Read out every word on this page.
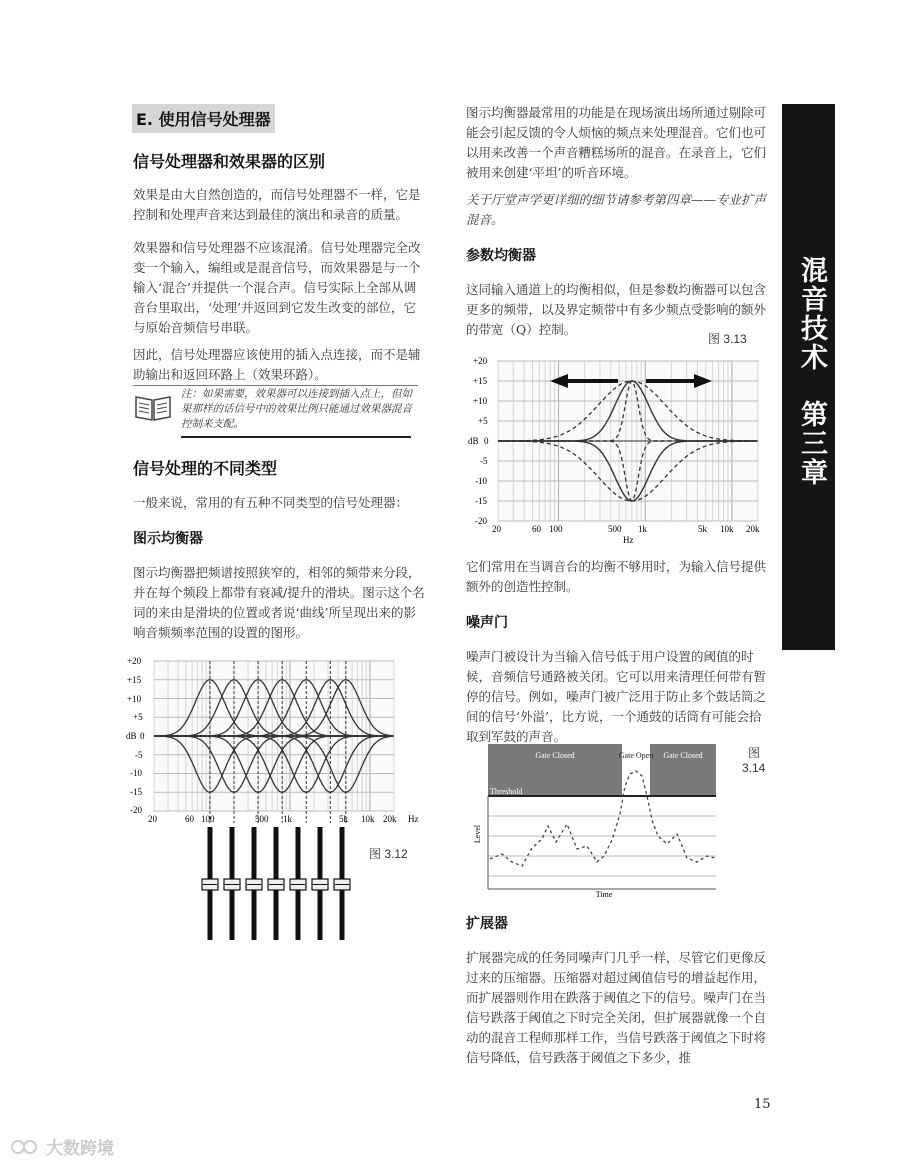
E. 使用信号处理器
信号处理器和效果器的区别
效果是由大自然创造的，而信号处理器不一样，它是控制和处理声音来达到最佳的演出和录音的质量。
效果器和信号处理器不应该混淆。信号处理器完全改变一个输入，编组或是混音信号，而效果器是与一个输入‘混合’并提供一个混合声。信号实际上全部从调音台里取出，‘处理’并返回到它发生改变的部位，它与原始音频信号串联。
因此，信号处理器应该使用的插入点连接，而不是辅助输出和返回环路上（效果环路）。
注：如果需要，效果器可以连接到插入点上，但如果那样的话信号中的效果比例只能通过效果器混音控制来支配。
信号处理的不同类型
一般来说，常用的有五种不同类型的信号处理器：
图示均衡器
图示均衡器把频谱按照狭窄的，相邻的频带来分段，并在每个频段上都带有衰减/提升的滑块。图示这个名词的来由是滑块的位置或者说‘曲线’所呈现出来的影响音频频率范围的设置的图形。
+20
+15
+10
+5
0
dB
-5
-10
-15
-20
20	60 100	500 1k	5k 10k 20k Hz
图 3.12
图示均衡器最常用的功能是在现场演出场所通过剔除可能会引起反馈的令人烦恼的频点来处理混音。它们也可以用来改善一个声音糟糕场所的混音。在录音上，它们被用来创建‘平坦’的听音环境。
关于厅堂声学更详细的细节请参考第四章——专业扩声混音。
参数均衡器
这同输入通道上的均衡相似，但是参数均衡器可以包含更多的频带，以及界定频带中有多少频点受影响的额外的带宽（Q）控制。
图 3.13
+20
+15
+10
+5
0
dB
-5
-10
-15
-20
20	60 100	500 1k	5k 10k 20k
Hz
它们常用在当调音台的均衡不够用时，为输入信号提供额外的创造性控制。
噪声门
噪声门被设计为当输入信号低于用户设置的阈值的时候，音频信号通路被关闭。它可以用来清理任何带有暂停的信号。例如，噪声门被广泛用于防止多个鼓话筒之间的信号‘外溢’，比方说，一个通鼓的话筒有可能会拾取到军鼓的声音。
Gate Closed	Gate Open Gate Closed
Threshold
Level
Time
图
3.14
扩展器
扩展器完成的任务同噪声门几乎一样，尽管它们更像反过来的压缩器。压缩器对超过阈值信号的增益起作用，而扩展器则作用在跌落于阈值之下的信号。噪声门在当信号跌落于阈值之下时完全关闭，但扩展器就像一个自动的混音工程师那样工作，当信号跌落于阈值之下时将信号降低，信号跌落于阈值之下多少，推
混音技术
第三章
15
大数跨境
